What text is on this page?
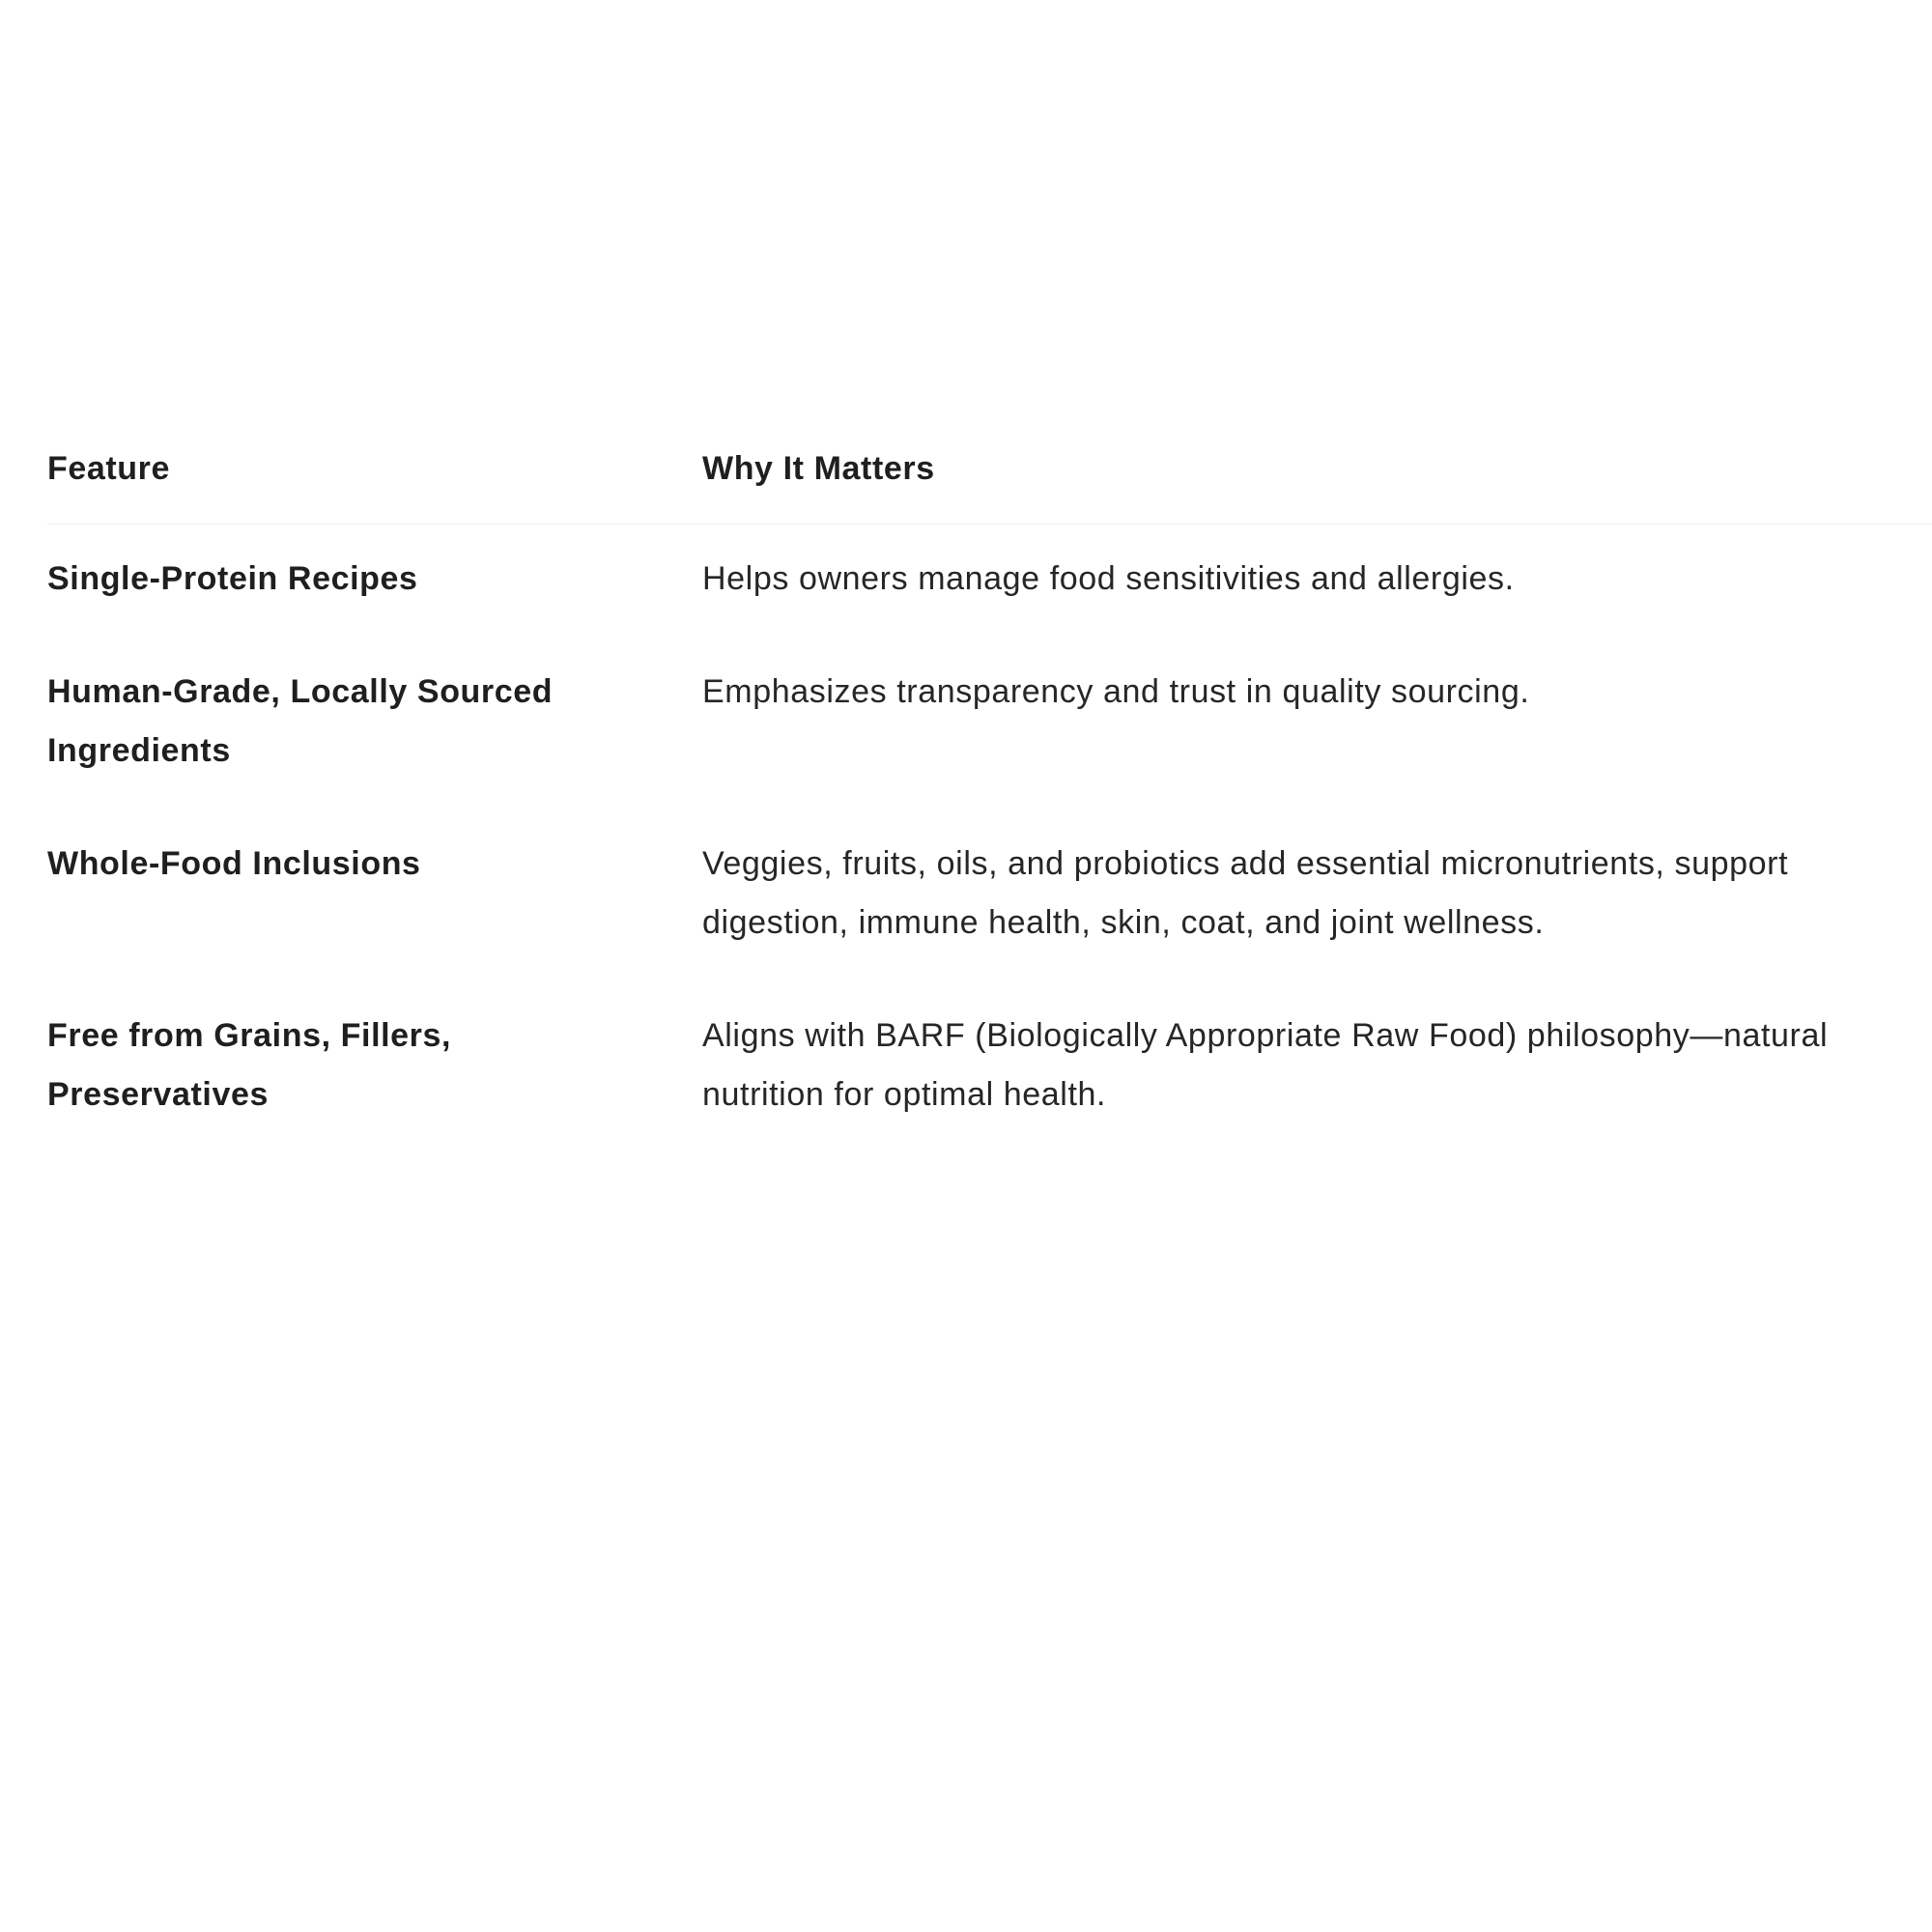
Feature	Why It Matters
Single-Protein Recipes	Helps owners manage food sensitivities and allergies.
Human-Grade, Locally Sourced Ingredients	Emphasizes transparency and trust in quality sourcing.
Whole-Food Inclusions	Veggies, fruits, oils, and probiotics add essential micronutrients, support digestion, immune health, skin, coat, and joint wellness.
Free from Grains, Fillers, Preservatives	Aligns with BARF (Biologically Appropriate Raw Food) philosophy—natural nutrition for optimal health.
